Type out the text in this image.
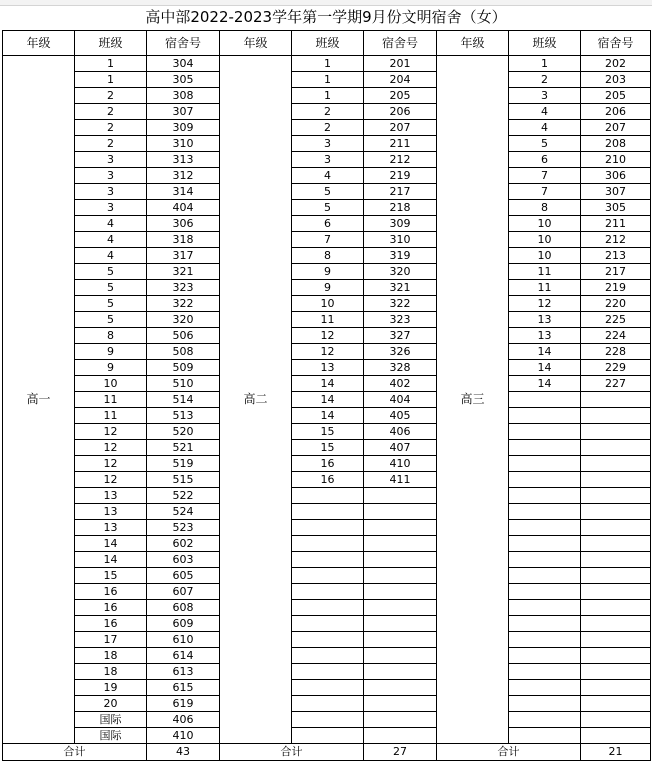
高中部2022-2023学年第一学期9月份文明宿舍（女）
年级	班级	宿舍号	年级	班级	宿舍号	年级	班级	宿舍号
高一	1	304	高二	1	201	高三	1	202
	1	305		1	204		2	203
	2	308		1	205		3	205
	2	307		2	206		4	206
	2	309		2	207		4	207
	2	310		3	211		5	208
	3	313		3	212		6	210
	3	312		4	219		7	306
	3	314		5	217		7	307
	3	404		5	218		8	305
	4	306		6	309		10	211
	4	318		7	310		10	212
	4	317		8	319		10	213
	5	321		9	320		11	217
	5	323		9	321		11	219
	5	322		10	322		12	220
	5	320		11	323		13	225
	8	506		12	327		13	224
	9	508		12	326		14	228
	9	509		13	328		14	229
	10	510		14	402		14	227
	11	514		14	404			
	11	513		14	405			
	12	520		15	406			
	12	521		15	407			
	12	519		16	410			
	12	515		16	411			
	13	522						
	13	524						
	13	523						
	14	602						
	14	603						
	15	605						
	16	607						
	16	608						
	16	609						
	17	610						
	18	614						
	18	613						
	19	615						
	20	619						
	国际	406						
	国际	410						
合计		43	合计		27	合计		21
